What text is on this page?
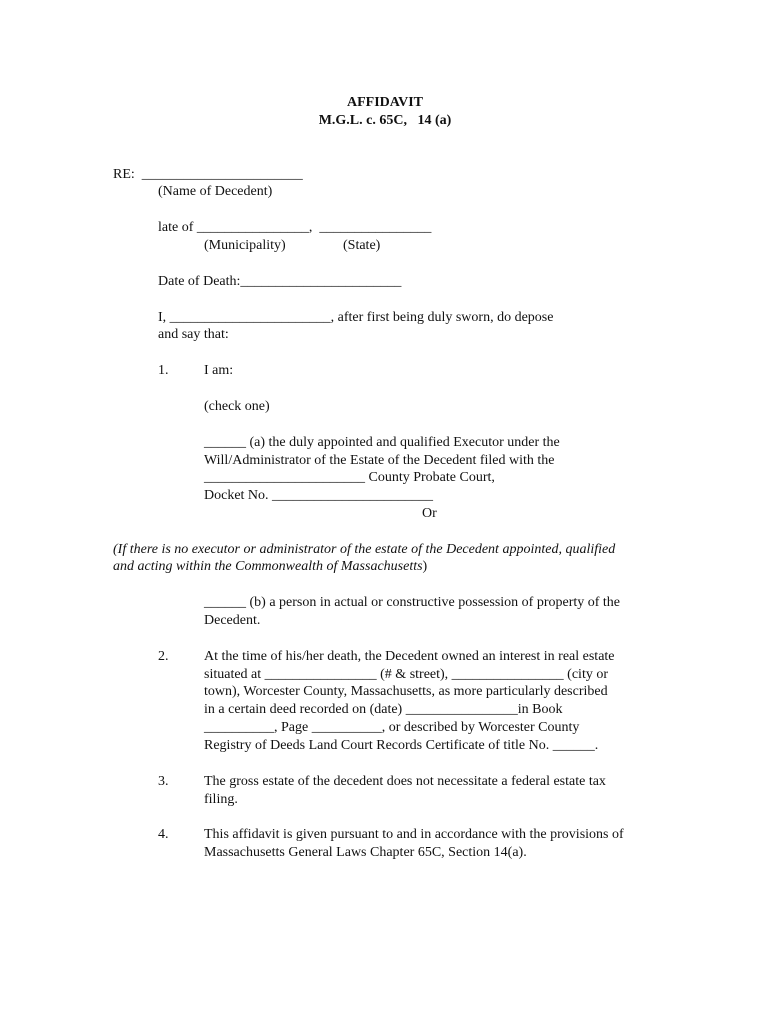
AFFIDAVIT
M.G.L. c. 65C,   14 (a)
RE:  _______________________
(Name of Decedent)
late of ________________,  ________________
(Municipality)	(State)
Date of Death:_______________________
I, _______________________, after first being duly sworn, do depose
and say that:
1.	I am:
(check one)
______ (a) the duly appointed and qualified Executor under the
Will/Administrator of the Estate of the Decedent filed with the
_______________________ County Probate Court,
Docket No. _______________________
Or
(If there is no executor or administrator of the estate of the Decedent appointed, qualified
and acting within the Commonwealth of Massachusetts)
______ (b) a person in actual or constructive possession of property of the
Decedent.
2.	At the time of his/her death, the Decedent owned an interest in real estate
situated at ________________ (# & street), ________________ (city or
town), Worcester County, Massachusetts, as more particularly described
in a certain deed recorded on (date) ________________in Book
__________, Page __________, or described by Worcester County
Registry of Deeds Land Court Records Certificate of title No. ______.
3.	The gross estate of the decedent does not necessitate a federal estate tax
filing.
4.	This affidavit is given pursuant to and in accordance with the provisions of
Massachusetts General Laws Chapter 65C, Section 14(a).
